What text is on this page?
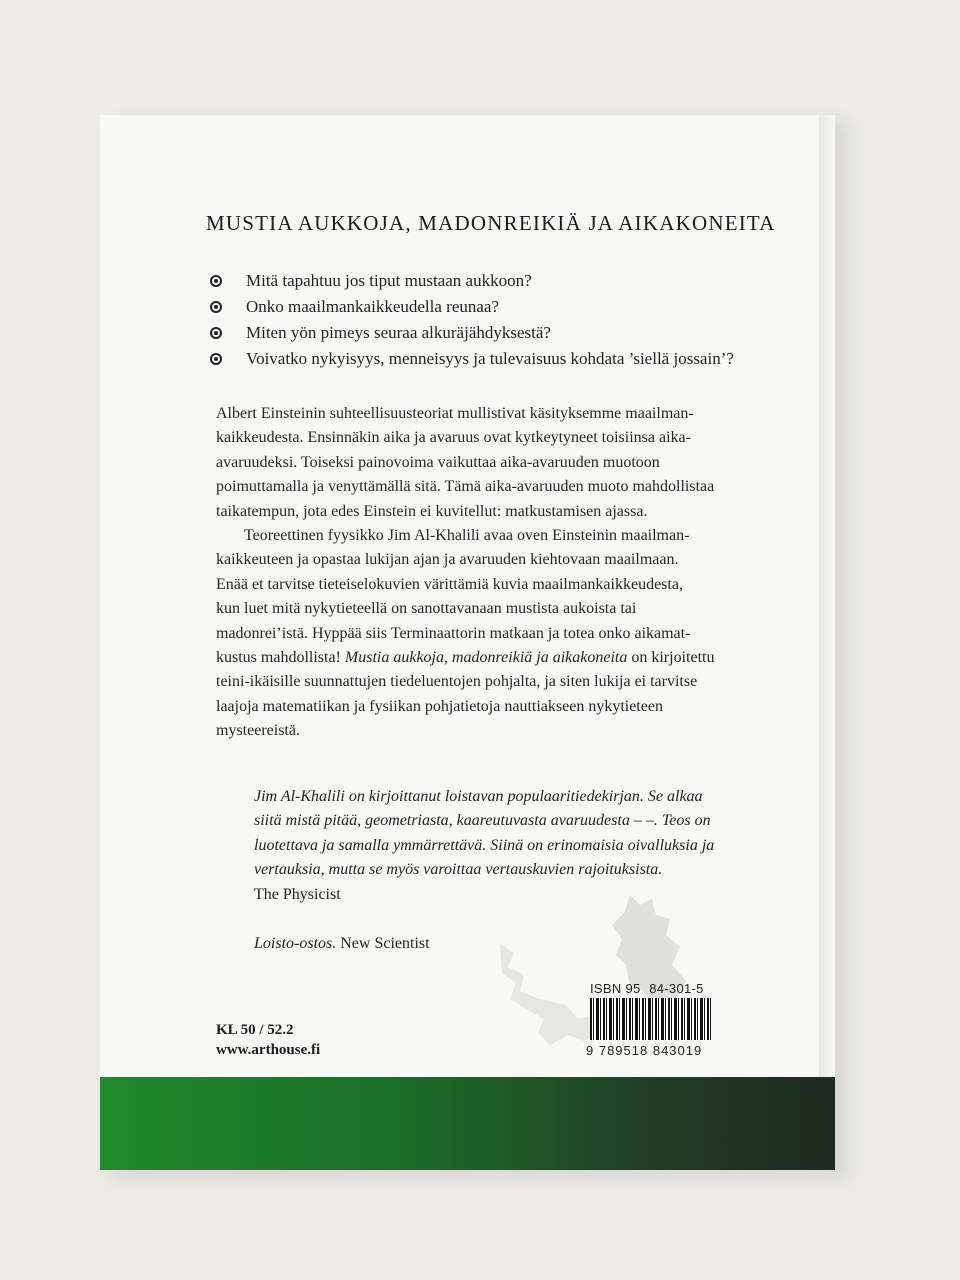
MUSTIA AUKKOJA, MADONREIKIÄ JA AIKAKONEITA
Mitä tapahtuu jos tiput mustaan aukkoon?
Onko maailmankaikkeudella reunaa?
Miten yön pimeys seuraa alkuräjähdyksestä?
Voivatko nykyisyys, menneisyys ja tulevaisuus kohdata ’siellä jossain’?

Albert Einsteinin suhteellisuusteoriat mullistivat käsityksemme maailman-
kaikkeudesta. Ensinnäkin aika ja avaruus ovat kytkeytyneet toisiinsa aika-
avaruudeksi. Toiseksi painovoima vaikuttaa aika-avaruuden muotoon
poimuttamalla ja venyttämällä sitä. Tämä aika-avaruuden muoto mahdollistaa
taikatempun, jota edes Einstein ei kuvitellut: matkustamisen ajassa.

Teoreettinen fyysikko Jim Al-Khalili avaa oven Einsteinin maailman-
kaikkeuteen ja opastaa lukijan ajan ja avaruuden kiehtovaan maailmaan.
Enää et tarvitse tieteiselokuvien värittämiä kuvia maailmankaikkeudesta,
kun luet mitä nykytieteellä on sanottavanaan mustista aukoista tai
madonrei’istä. Hyppää siis Terminaattorin matkaan ja totea onko aikamat-
kustus mahdollista! Mustia aukkoja, madonreikiä ja aikakoneita on kirjoitettu
teini-ikäisille suunnattujen tiedeluentojen pohjalta, ja siten lukija ei tarvitse
laajoja matematiikan ja fysiikan pohjatietoja nauttiakseen nykytieteen
mysteereistä.

Jim Al-Khalili on kirjoittanut loistavan populaaritiedekirjan. Se alkaa
siitä mistä pitää, geometriasta, kaareutuvasta avaruudesta – –. Teos on
luotettava ja samalla ymmärrettävä. Siinä on erinomaisia oivalluksia ja
vertauksia, mutta se myös varoittaa vertauskuvien rajoituksista.
The Physicist
Loisto-ostos. New Scientist
ISBN 95   84-301-5
9 789518 843019
KL 50 / 52.2
www.arthouse.fi
